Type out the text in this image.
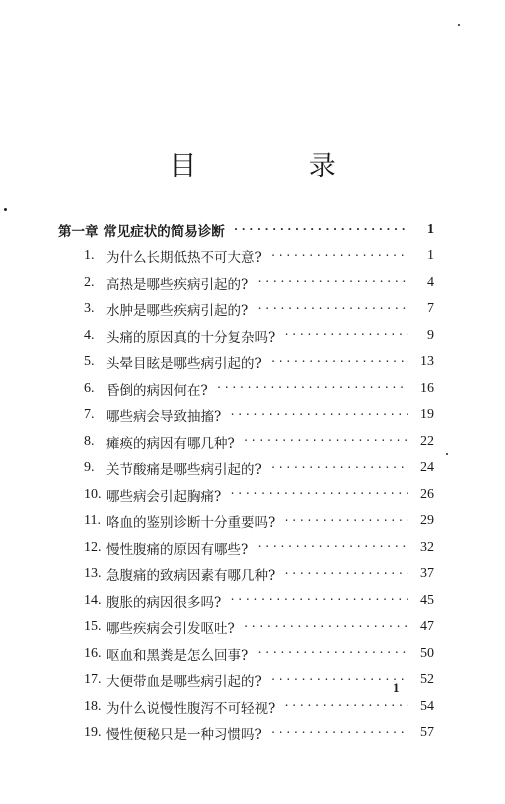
目 录
第一章 常见症状的简易诊断 ·····	1
1. 为什么长期低热不可大意? ·····	1
2. 高热是哪些疾病引起的? ·····	4
3. 水肿是哪些疾病引起的? ·····	7
4. 头痛的原因真的十分复杂吗? ·····	9
5. 头晕目眩是哪些病引起的? ·····	13
6. 昏倒的病因何在? ·····	16
7. 哪些病会导致抽搐? ·····	19
8. 瘫痪的病因有哪几种? ·····	22
9. 关节酸痛是哪些病引起的? ·····	24
10. 哪些病会引起胸痛? ·····	26
11. 咯血的鉴别诊断十分重要吗? ·····	29
12. 慢性腹痛的原因有哪些? ·····	32
13. 急腹痛的致病因素有哪几种? ·····	37
14. 腹胀的病因很多吗? ·····	45
15. 哪些疾病会引发呕吐? ·····	47
16. 呕血和黑粪是怎么回事? ·····	50
17. 大便带血是哪些病引起的? ·····	52
18. 为什么说慢性腹泻不可轻视? ·····	54
19. 慢性便秘只是一种习惯吗? ·····	57
1
